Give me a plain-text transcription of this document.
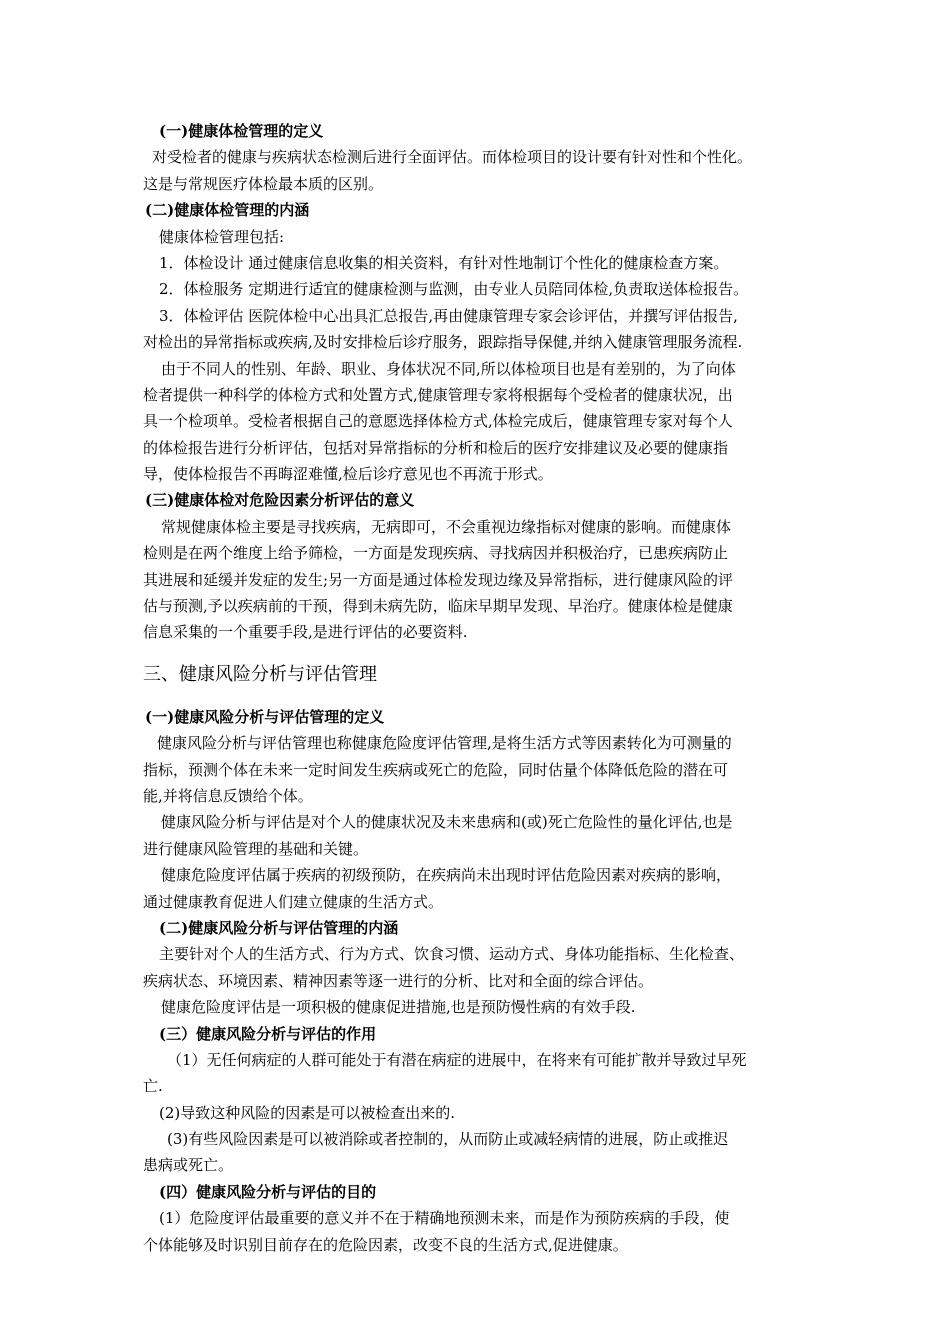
(一)健康体检管理的定义
对受检者的健康与疾病状态检测后进行全面评估。而体检项目的设计要有针对性和个性化。
这是与常规医疗体检最本质的区别。
(二)健康体检管理的内涵
健康体检管理包括:
1．体检设计 通过健康信息收集的相关资料，有针对性地制订个性化的健康检查方案。
2．体检服务 定期进行适宜的健康检测与监测，由专业人员陪同体检,负责取送体检报告。
3．体检评估 医院体检中心出具汇总报告,再由健康管理专家会诊评估，并撰写评估报告,
对检出的异常指标或疾病,及时安排检后诊疗服务，跟踪指导保健,并纳入健康管理服务流程.
由于不同人的性别、年龄、职业、身体状况不同,所以体检项目也是有差别的，为了向体
检者提供一种科学的体检方式和处置方式,健康管理专家将根据每个受检者的健康状况，出
具一个检项单。受检者根据自己的意愿选择体检方式,体检完成后，健康管理专家对每个人
的体检报告进行分析评估，包括对异常指标的分析和检后的医疗安排建议及必要的健康指
导，使体检报告不再晦涩难懂,检后诊疗意见也不再流于形式。
(三)健康体检对危险因素分析评估的意义
常规健康体检主要是寻找疾病，无病即可，不会重视边缘指标对健康的影响。而健康体
检则是在两个维度上给予筛检，一方面是发现疾病、寻找病因并积极治疗，已患疾病防止
其进展和延缓并发症的发生;另一方面是通过体检发现边缘及异常指标，进行健康风险的评
估与预测,予以疾病前的干预，得到未病先防，临床早期早发现、早治疗。健康体检是健康
信息采集的一个重要手段,是进行评估的必要资料.
三、健康风险分析与评估管理
(一)健康风险分析与评估管理的定义
健康风险分析与评估管理也称健康危险度评估管理,是将生活方式等因素转化为可测量的
指标，预测个体在未来一定时间发生疾病或死亡的危险，同时估量个体降低危险的潜在可
能,并将信息反馈给个体。
健康风险分析与评估是对个人的健康状况及未来患病和(或)死亡危险性的量化评估,也是
进行健康风险管理的基础和关键。
健康危险度评估属于疾病的初级预防，在疾病尚未出现时评估危险因素对疾病的影响，
通过健康教育促进人们建立健康的生活方式。
(二)健康风险分析与评估管理的内涵
主要针对个人的生活方式、行为方式、饮食习惯、运动方式、身体功能指标、生化检查、
疾病状态、环境因素、精神因素等逐一进行的分析、比对和全面的综合评估。
健康危险度评估是一项积极的健康促进措施,也是预防慢性病的有效手段.
(三）健康风险分析与评估的作用
（1）无任何病症的人群可能处于有潜在病症的进展中，在将来有可能扩散并导致过早死
亡.
(2)导致这种风险的因素是可以被检查出来的.
(3)有些风险因素是可以被消除或者控制的，从而防止或减轻病情的进展，防止或推迟
患病或死亡。
(四）健康风险分析与评估的目的
(1）危险度评估最重要的意义并不在于精确地预测未来，而是作为预防疾病的手段，使
个体能够及时识别目前存在的危险因素，改变不良的生活方式,促进健康。
